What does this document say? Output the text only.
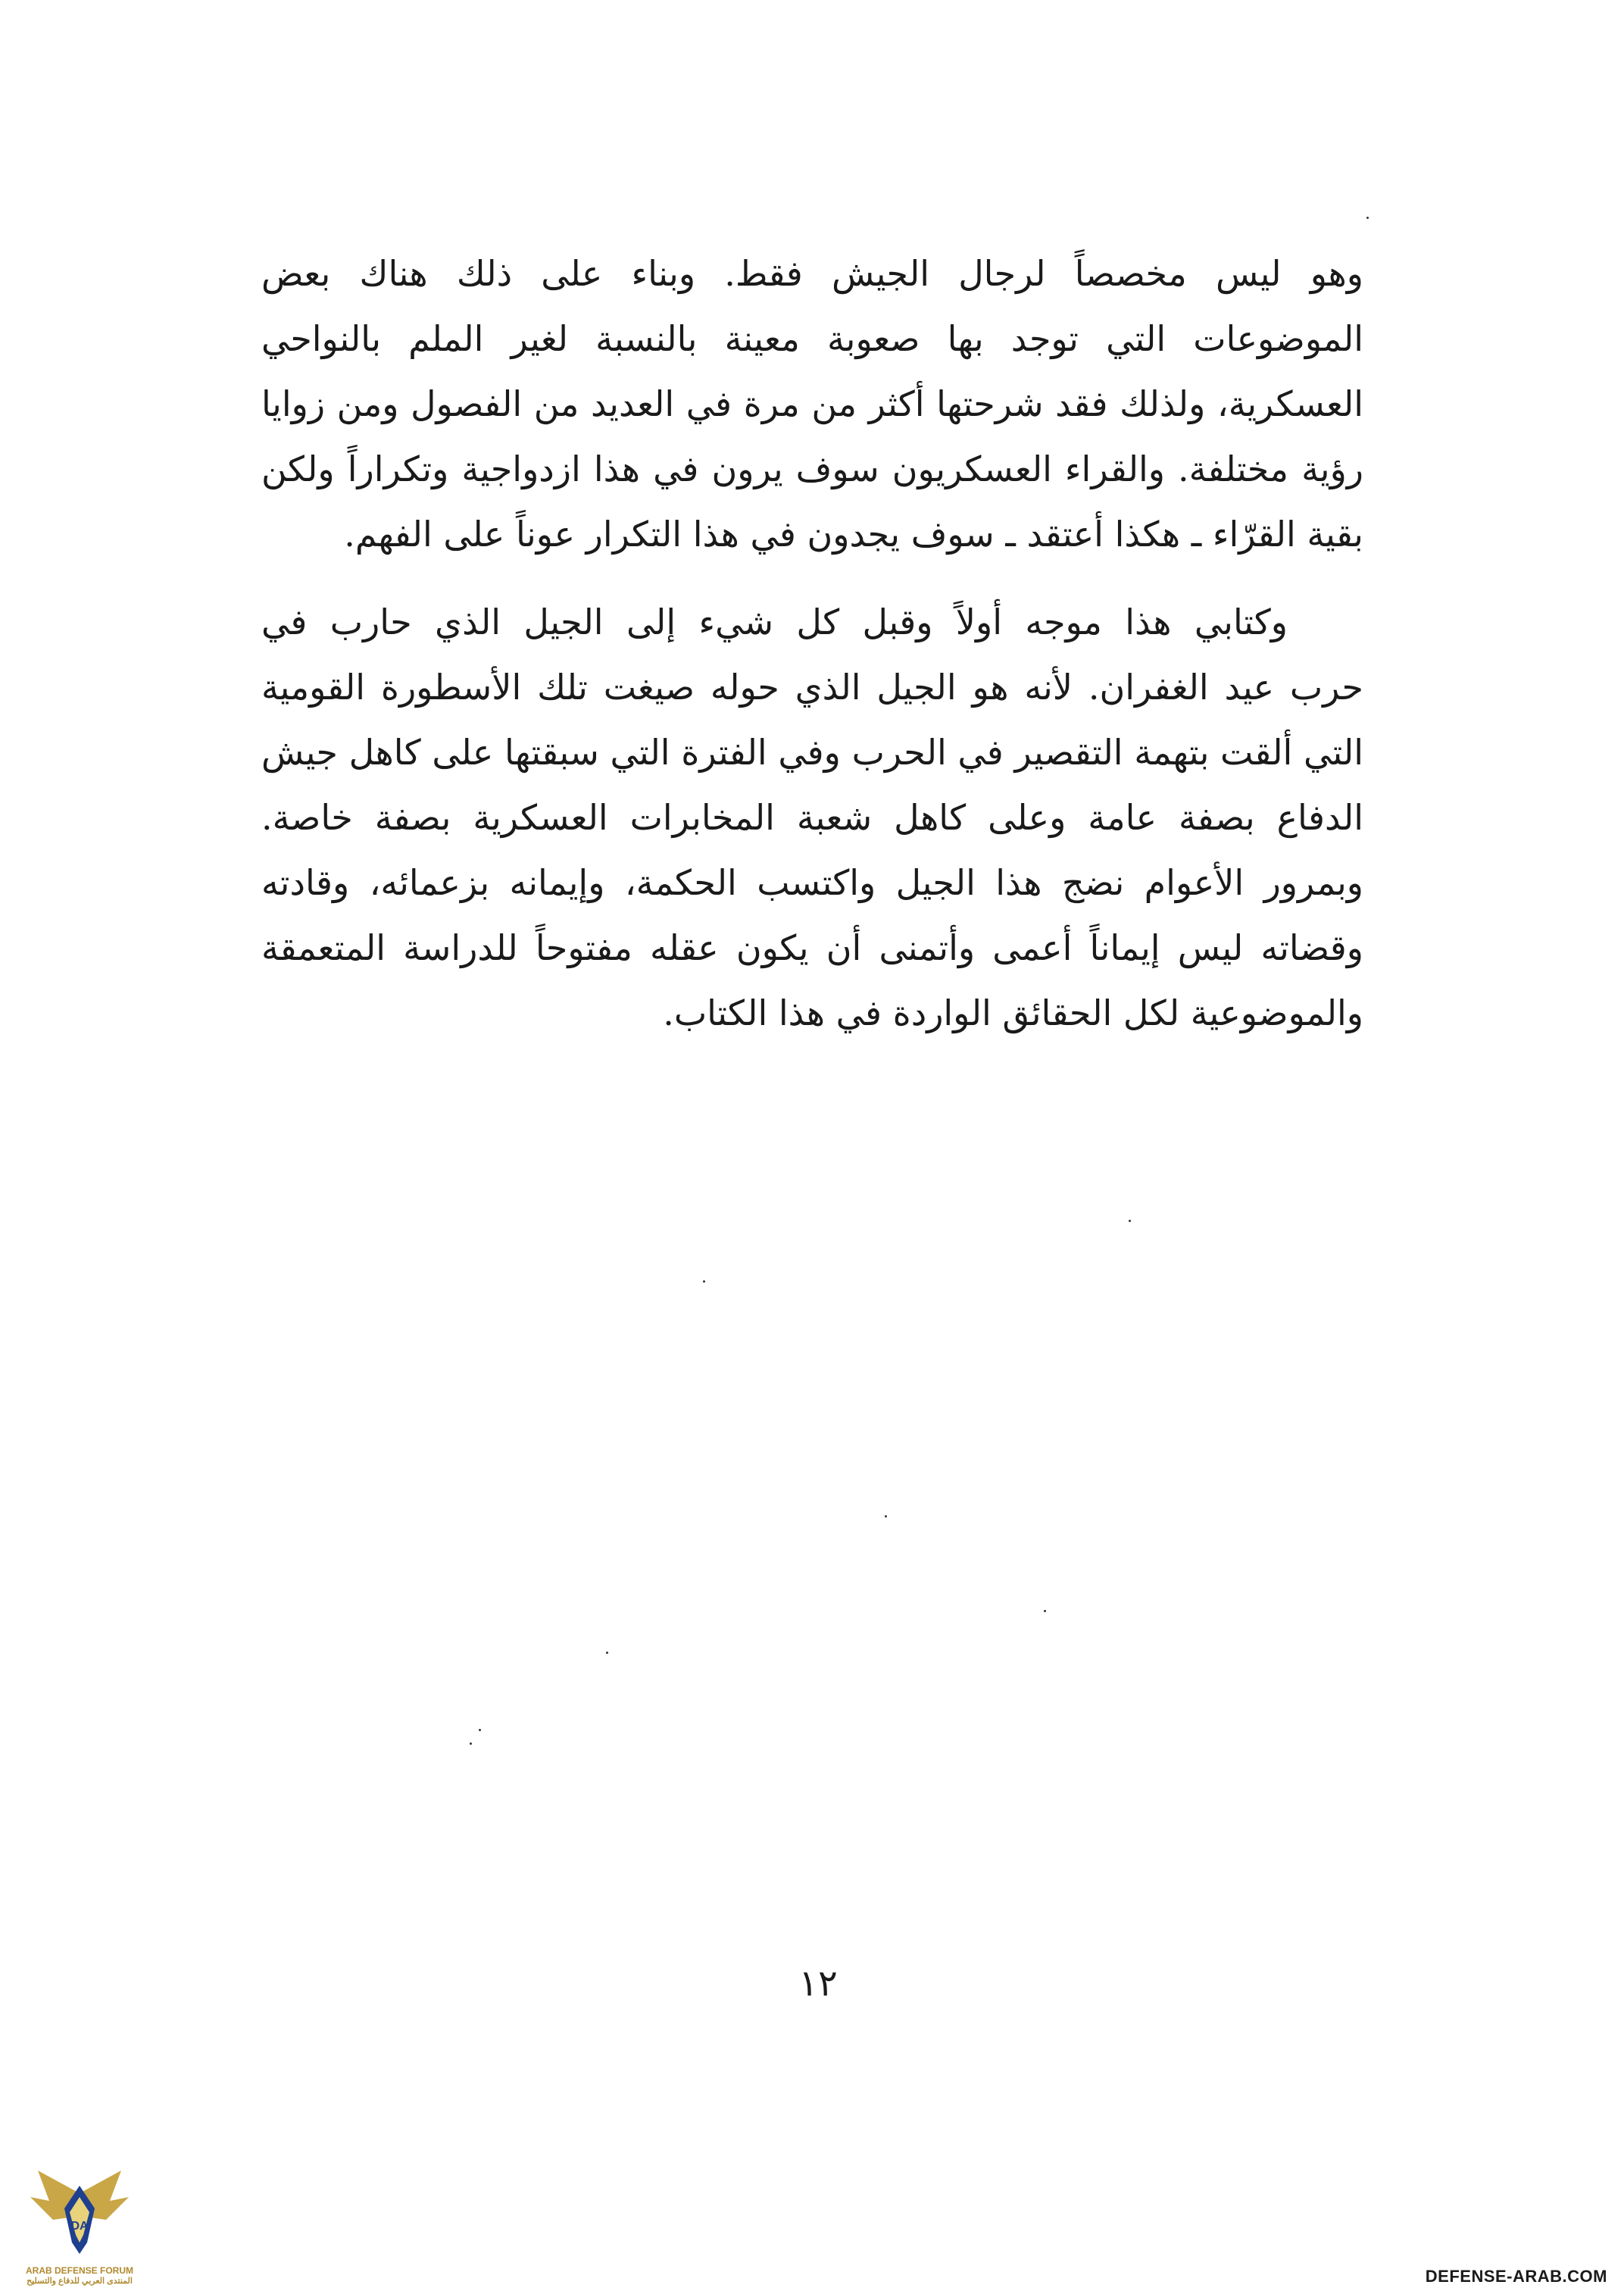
وهو ليس مخصصاً لرجال الجيش فقط. وبناء على ذلك هناك بعض
الموضوعات التي توجد بها صعوبة معينة بالنسبة لغير الملم بالنواحي
العسكرية، ولذلك فقد شرحتها أكثر من مرة في العديد من الفصول ومن زوايا
رؤية مختلفة. والقراء العسكريون سوف يرون في هذا ازدواجية وتكراراً ولكن
بقية القرّاء ـ هكذا أعتقد ـ سوف يجدون في هذا التكرار عوناً على الفهم.
وكتابي هذا موجه أولاً وقبل كل شيء إلى الجيل الذي حارب في
حرب عيد الغفران. لأنه هو الجيل الذي حوله صيغت تلك الأسطورة القومية
التي ألقت بتهمة التقصير في الحرب وفي الفترة التي سبقتها على كاهل جيش
الدفاع بصفة عامة وعلى كاهل شعبة المخابرات العسكرية بصفة خاصة.
وبمرور الأعوام نضج هذا الجيل واكتسب الحكمة، وإيمانه بزعمائه، وقادته
وقضاته ليس إيماناً أعمى وأتمنى أن يكون عقله مفتوحاً للدراسة المتعمقة
والموضوعية لكل الحقائق الواردة في هذا الكتاب.
١٢
DA
ARAB DEFENSE FORUM
المنتدى العربي للدفاع والتسليح	DEFENSE-ARAB.COM
